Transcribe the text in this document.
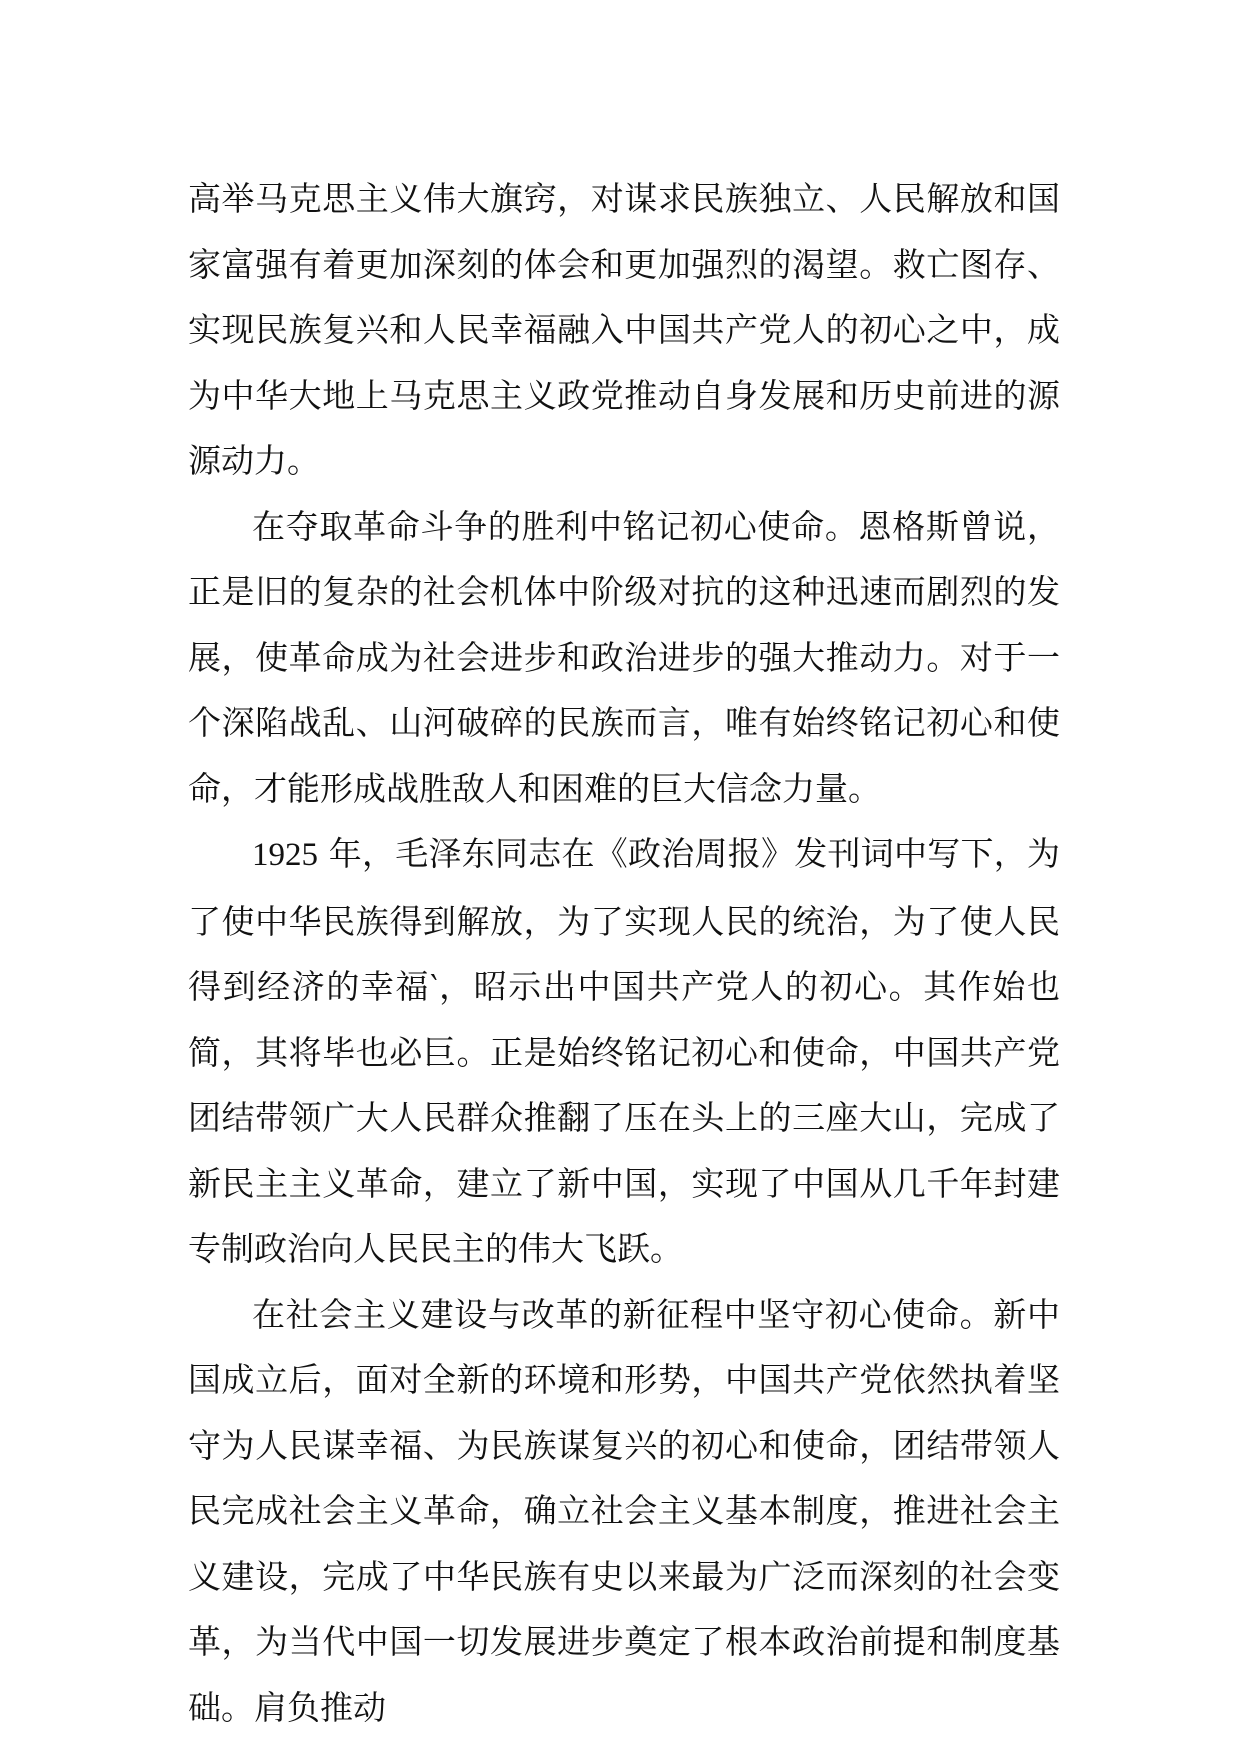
高举马克思主义伟大旗窍，对谋求民族独立、人民解放和国家富强有着更加深刻的体会和更加强烈的渴望。救亡图存、实现民族复兴和人民幸福融入中国共产党人的初心之中，成为中华大地上马克思主义政党推动自身发展和历史前进的源源动力。

在夺取革命斗争的胜利中铭记初心使命。恩格斯曾说，正是旧的复杂的社会机体中阶级对抗的这种迅速而剧烈的发展，使革命成为社会进步和政治进步的强大推动力。对于一个深陷战乱、山河破碎的民族而言，唯有始终铭记初心和使命，才能形成战胜敌人和困难的巨大信念力量。

1925 年，毛泽东同志在《政治周报》发刊词中写下，为了使中华民族得到解放，为了实现人民的统治，为了使人民得到经济的幸福‵，昭示出中国共产党人的初心。其作始也简，其将毕也必巨。正是始终铭记初心和使命，中国共产党团结带领广大人民群众推翻了压在头上的三座大山，完成了新民主主义革命，建立了新中国，实现了中国从几千年封建专制政治向人民民主的伟大飞跃。

在社会主义建设与改革的新征程中坚守初心使命。新中国成立后，面对全新的环境和形势，中国共产党依然执着坚守为人民谋幸福、为民族谋复兴的初心和使命，团结带领人民完成社会主义革命，确立社会主义基本制度，推进社会主义建设，完成了中华民族有史以来最为广泛而深刻的社会变革，为当代中国一切发展进步奠定了根本政治前提和制度基础。肩负推动
